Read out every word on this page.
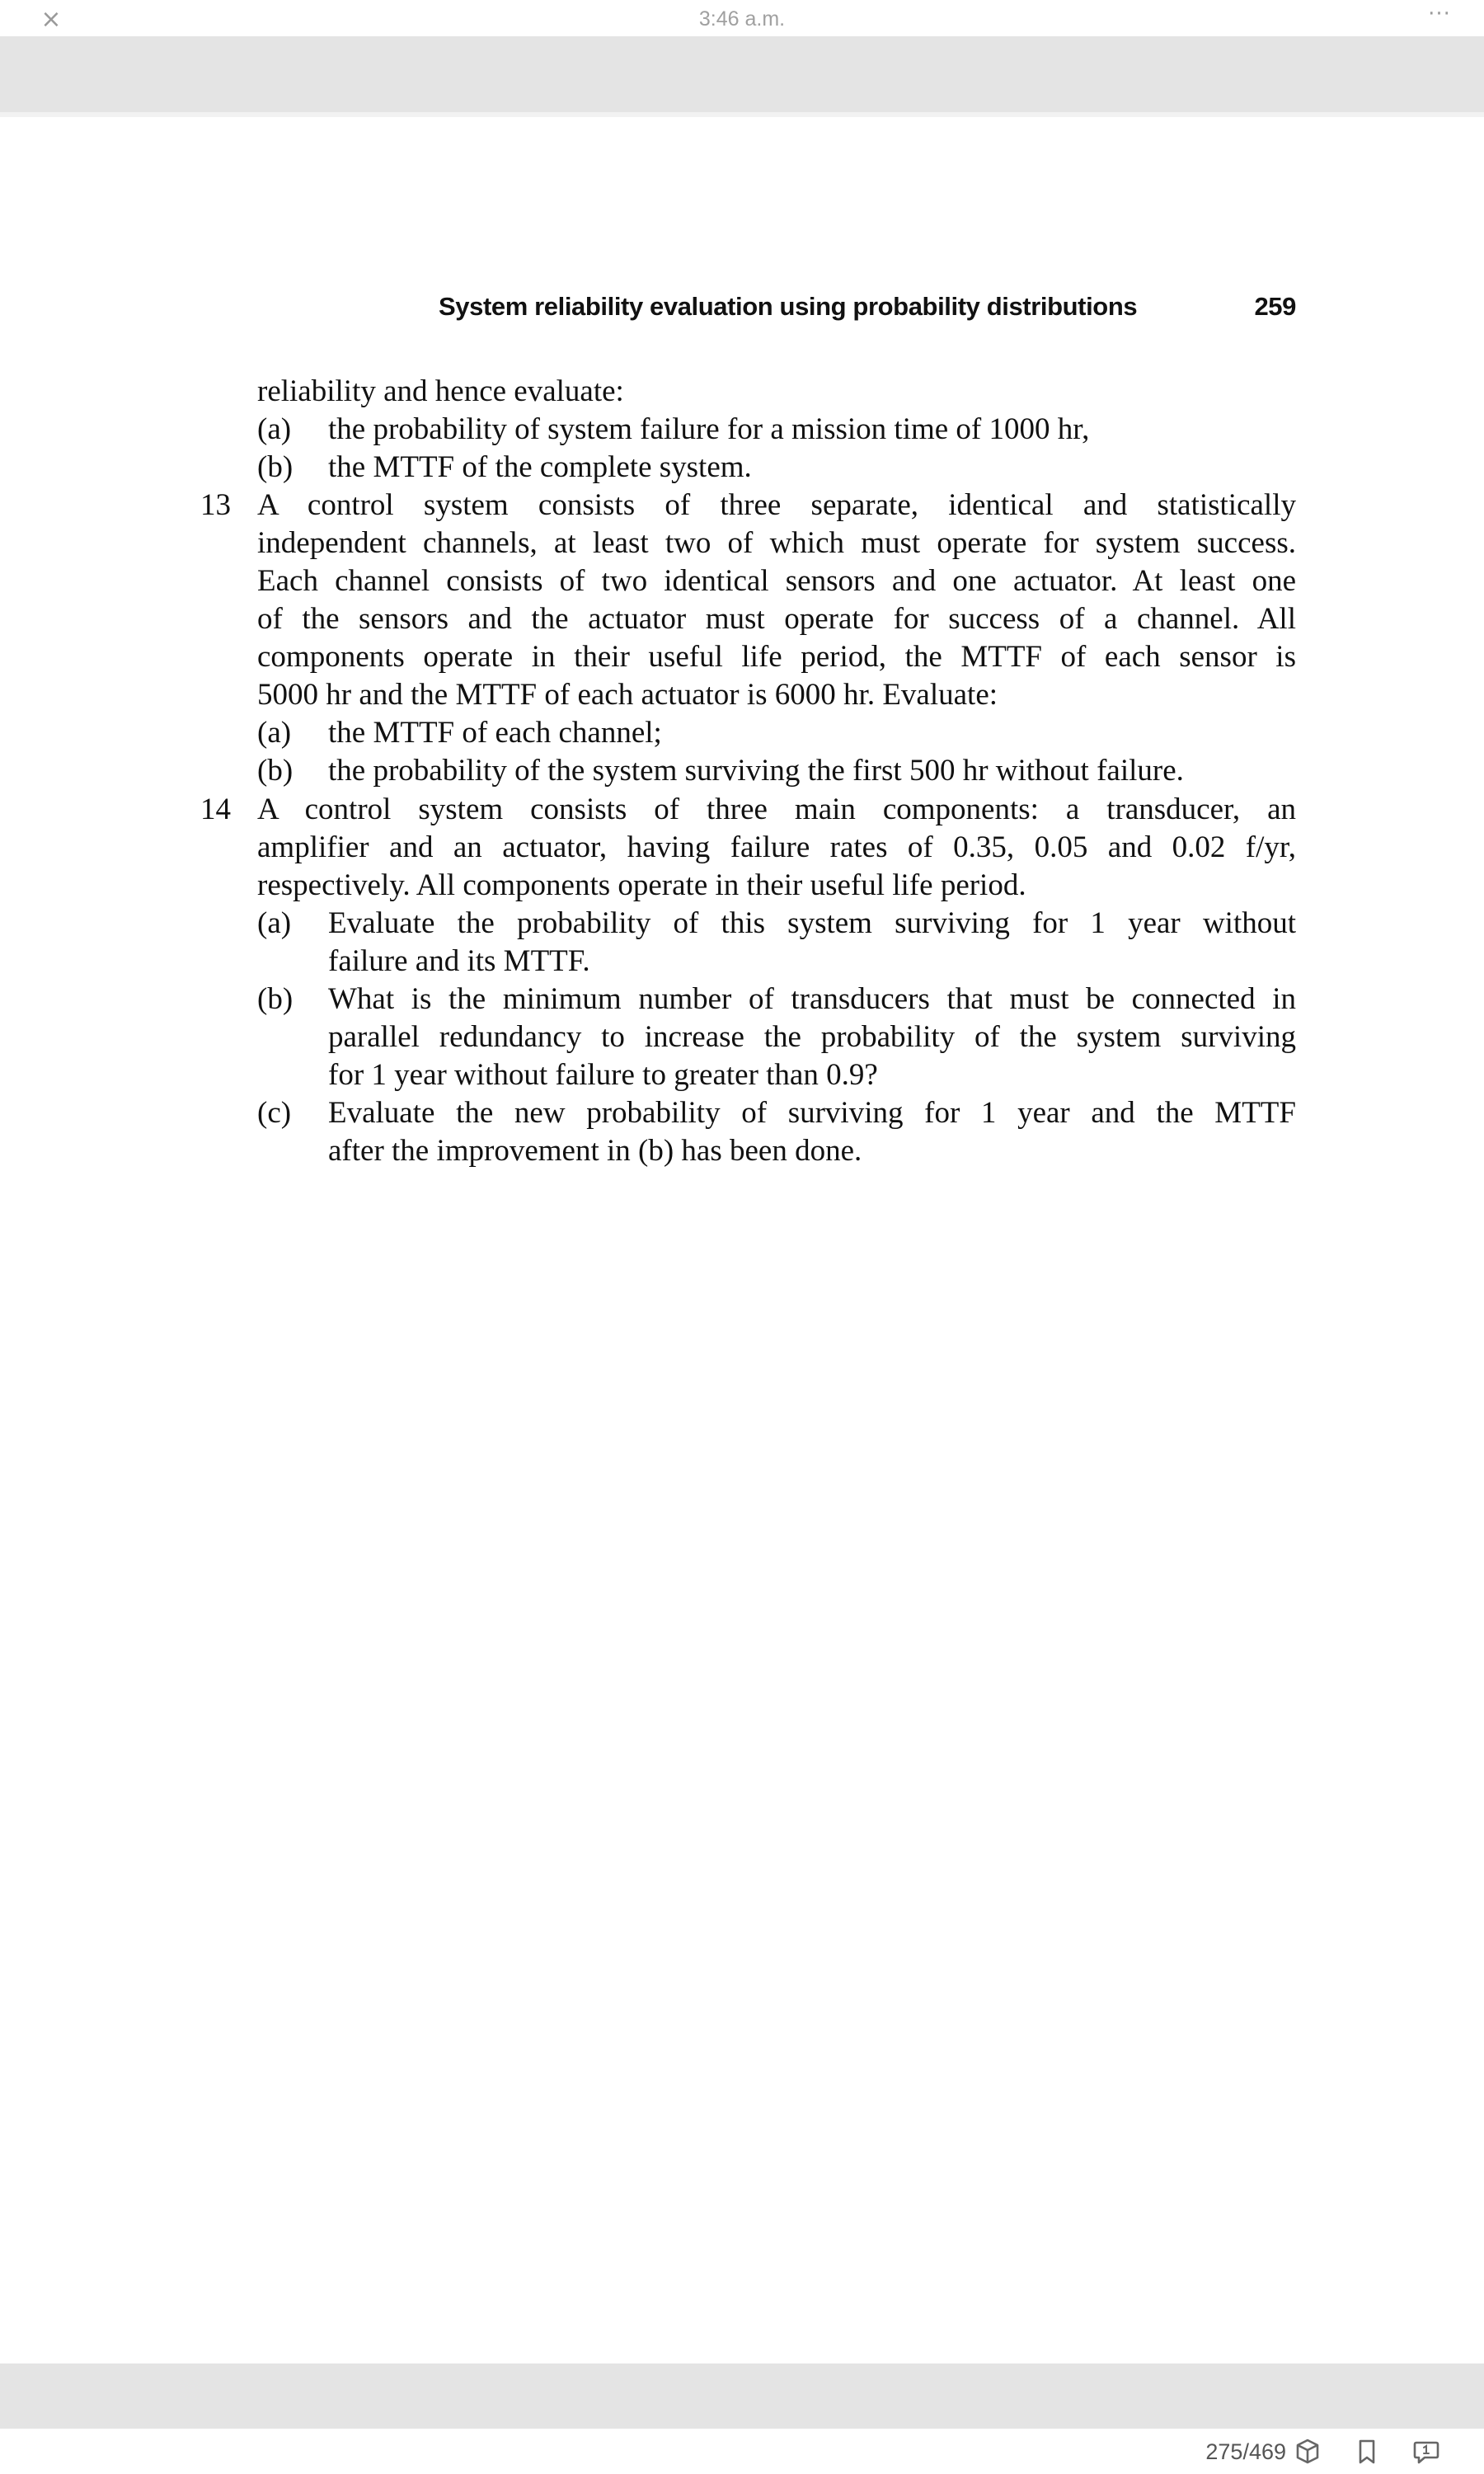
×	3:46 a.m.	···
System reliability evaluation using probability distributions	259
reliability and hence evaluate:
(a) the probability of system failure for a mission time of 1000 hr,
(b) the MTTF of the complete system.
13 A control system consists of three separate, identical and statistically
independent channels, at least two of which must operate for system success.
Each channel consists of two identical sensors and one actuator. At least one
of the sensors and the actuator must operate for success of a channel. All
components operate in their useful life period, the MTTF of each sensor is
5000 hr and the MTTF of each actuator is 6000 hr. Evaluate:
(a) the MTTF of each channel;
(b) the probability of the system surviving the first 500 hr without failure.
14 A control system consists of three main components: a transducer, an
amplifier and an actuator, having failure rates of 0.35, 0.05 and 0.02 f/yr,
respectively. All components operate in their useful life period.
(a) Evaluate the probability of this system surviving for 1 year without
failure and its MTTF.
(b) What is the minimum number of transducers that must be connected in
parallel redundancy to increase the probability of the system surviving
for 1 year without failure to greater than 0.9?
(c) Evaluate the new probability of surviving for 1 year and the MTTF
after the improvement in (b) has been done.
275/469
